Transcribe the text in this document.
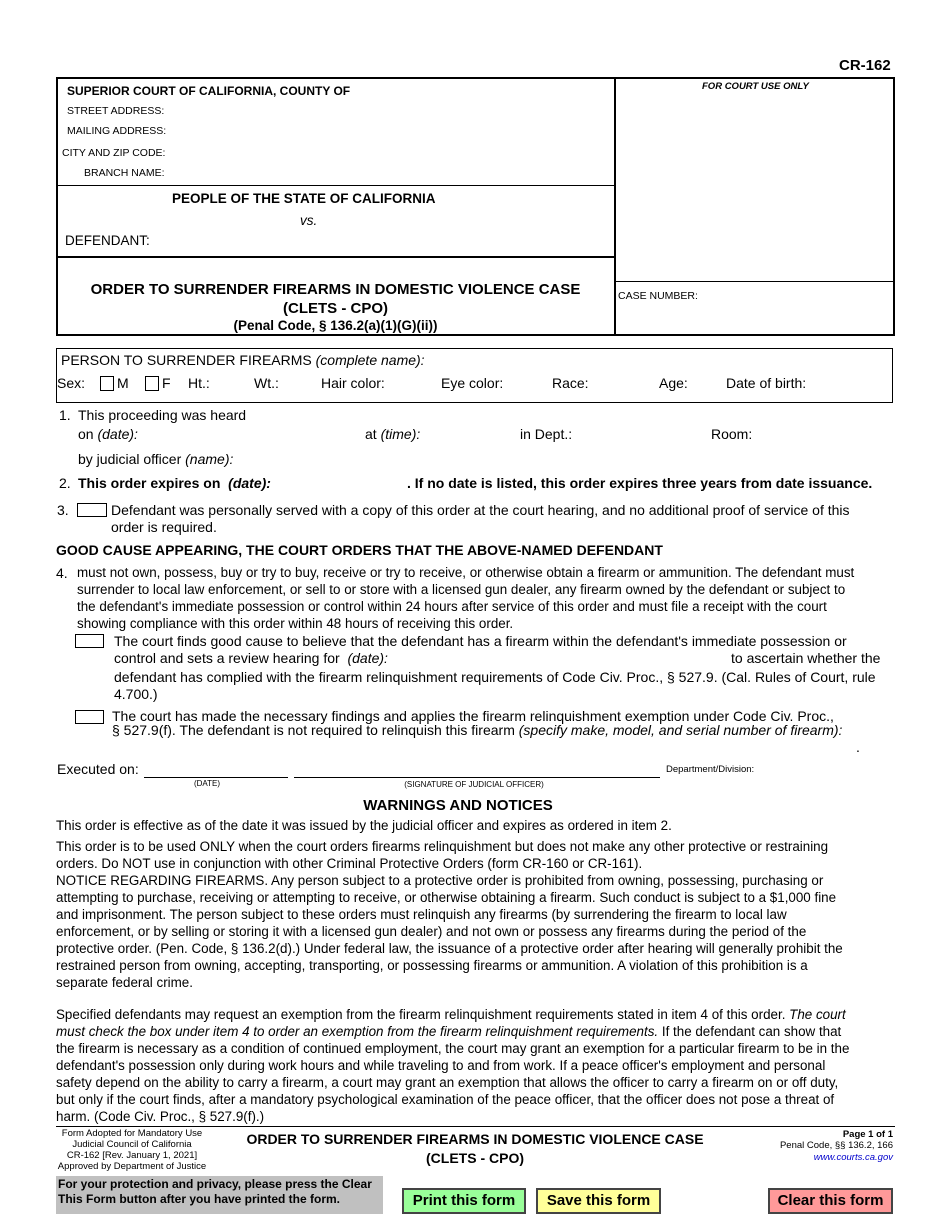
CR-162
FOR COURT USE ONLY
CASE NUMBER:
SUPERIOR COURT OF CALIFORNIA, COUNTY OF
STREET ADDRESS:
MAILING ADDRESS:
CITY AND ZIP CODE:
BRANCH NAME:
PEOPLE OF THE STATE OF CALIFORNIA
vs.
DEFENDANT:
ORDER TO SURRENDER FIREARMS IN DOMESTIC VIOLENCE CASE
(CLETS - CPO)
(Penal Code, § 136.2(a)(1)(G)(ii))
PERSON TO SURRENDER FIREARMS (complete name):
Sex: M F Ht.:	Wt.:	Hair color:	Eye color:	Race:	Age:	Date of birth:
1. This proceeding was heard
on (date):	at (time):	in Dept.:	Room:
by judicial officer (name):
2. This order expires on (date):	. If no date is listed, this order expires three years from date issuance.
3.	Defendant was personally served with a copy of this order at the court hearing, and no additional proof of service of this
order is required.
GOOD CAUSE APPEARING, THE COURT ORDERS THAT THE ABOVE-NAMED DEFENDANT
4. must not own, possess, buy or try to buy, receive or try to receive, or otherwise obtain a firearm or ammunition. The defendant must
surrender to local law enforcement, or sell to or store with a licensed gun dealer, any firearm owned by the defendant or subject to
the defendant's immediate possession or control within 24 hours after service of this order and must file a receipt with the court
showing compliance with this order within 48 hours of receiving this order.
The court finds good cause to believe that the defendant has a firearm within the defendant's immediate possession or
control and sets a review hearing for (date):	to ascertain whether the
defendant has complied with the firearm relinquishment requirements of Code Civ. Proc., § 527.9. (Cal. Rules of Court, rule
4.700.)
The court has made the necessary findings and applies the firearm relinquishment exemption under Code Civ. Proc.,
§ 527.9(f). The defendant is not required to relinquish this firearm (specify make, model, and serial number of firearm):
.
Executed on:
(DATE)	(SIGNATURE OF JUDICIAL OFFICER)
Department/Division:
WARNINGS AND NOTICES
This order is effective as of the date it was issued by the judicial officer and expires as ordered in item 2.
This order is to be used ONLY when the court orders firearms relinquishment but does not make any other protective or restraining
orders. Do NOT use in conjunction with other Criminal Protective Orders (form CR-160 or CR-161).
NOTICE REGARDING FIREARMS. Any person subject to a protective order is prohibited from owning, possessing, purchasing or
attempting to purchase, receiving or attempting to receive, or otherwise obtaining a firearm. Such conduct is subject to a $1,000 fine
and imprisonment. The person subject to these orders must relinquish any firearms (by surrendering the firearm to local law
enforcement, or by selling or storing it with a licensed gun dealer) and not own or possess any firearms during the period of the
protective order. (Pen. Code, § 136.2(d).) Under federal law, the issuance of a protective order after hearing will generally prohibit the
restrained person from owning, accepting, transporting, or possessing firearms or ammunition. A violation of this prohibition is a
separate federal crime.
Specified defendants may request an exemption from the firearm relinquishment requirements stated in item 4 of this order. The court
must check the box under item 4 to order an exemption from the firearm relinquishment requirements. If the defendant can show that
the firearm is necessary as a condition of continued employment, the court may grant an exemption for a particular firearm to be in the
defendant's possession only during work hours and while traveling to and from work. If a peace officer's employment and personal
safety depend on the ability to carry a firearm, a court may grant an exemption that allows the officer to carry a firearm on or off duty,
but only if the court finds, after a mandatory psychological examination of the peace officer, that the officer does not pose a threat of
harm. (Code Civ. Proc., § 527.9(f).)
Form Adopted for Mandatory Use
Judicial Council of California
CR-162 [Rev. January 1, 2021]
Approved by Department of Justice
ORDER TO SURRENDER FIREARMS IN DOMESTIC VIOLENCE CASE
(CLETS - CPO)
Page 1 of 1
Penal Code, §§ 136.2, 166
www.courts.ca.gov
For your protection and privacy, please press the Clear
This Form button after you have printed the form.	Print this form	Save this form	Clear this form
